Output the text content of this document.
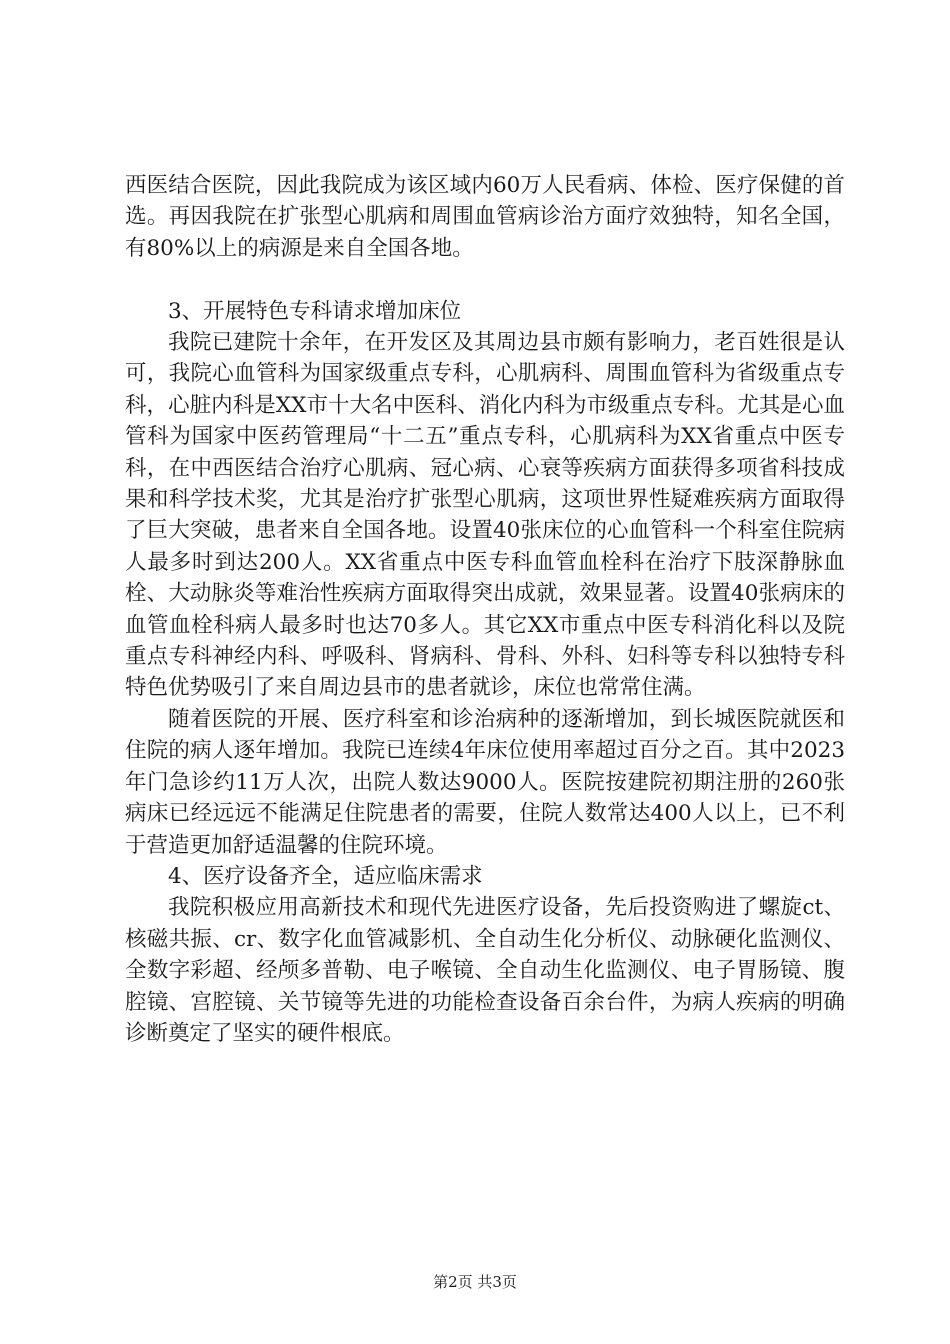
西医结合医院，因此我院成为该区域内60万人民看病、体检、医疗保健的首选。再因我院在扩张型心肌病和周围血管病诊治方面疗效独特，知名全国，有80%以上的病源是来自全国各地。

3、开展特色专科请求增加床位

我院已建院十余年，在开发区及其周边县市颇有影响力，老百姓很是认可，我院心血管科为国家级重点专科，心肌病科、周围血管科为省级重点专科，心脏内科是XX市十大名中医科、消化内科为市级重点专科。尤其是心血管科为国家中医药管理局“十二五”重点专科，心肌病科为XX省重点中医专科，在中西医结合治疗心肌病、冠心病、心衰等疾病方面获得多项省科技成果和科学技术奖，尤其是治疗扩张型心肌病，这项世界性疑难疾病方面取得了巨大突破，患者来自全国各地。设置40张床位的心血管科一个科室住院病人最多时到达200人。XX省重点中医专科血管血栓科在治疗下肢深静脉血栓、大动脉炎等难治性疾病方面取得突出成就，效果显著。设置40张病床的血管血栓科病人最多时也达70多人。其它XX市重点中医专科消化科以及院重点专科神经内科、呼吸科、肾病科、骨科、外科、妇科等专科以独特专科特色优势吸引了来自周边县市的患者就诊，床位也常常住满。

随着医院的开展、医疗科室和诊治病种的逐渐增加，到长城医院就医和住院的病人逐年增加。我院已连续4年床位使用率超过百分之百。其中2023年门急诊约11万人次，出院人数达9000人。医院按建院初期注册的260张病床已经远远不能满足住院患者的需要，住院人数常达400人以上，已不利于营造更加舒适温馨的住院环境。

4、医疗设备齐全，适应临床需求

我院积极应用高新技术和现代先进医疗设备，先后投资购进了螺旋ct、核磁共振、cr、数字化血管减影机、全自动生化分析仪、动脉硬化监测仪、全数字彩超、经颅多普勒、电子喉镜、全自动生化监测仪、电子胃肠镜、腹腔镜、宫腔镜、关节镜等先进的功能检查设备百余台件，为病人疾病的明确诊断奠定了坚实的硬件根底。

第2页 共3页
